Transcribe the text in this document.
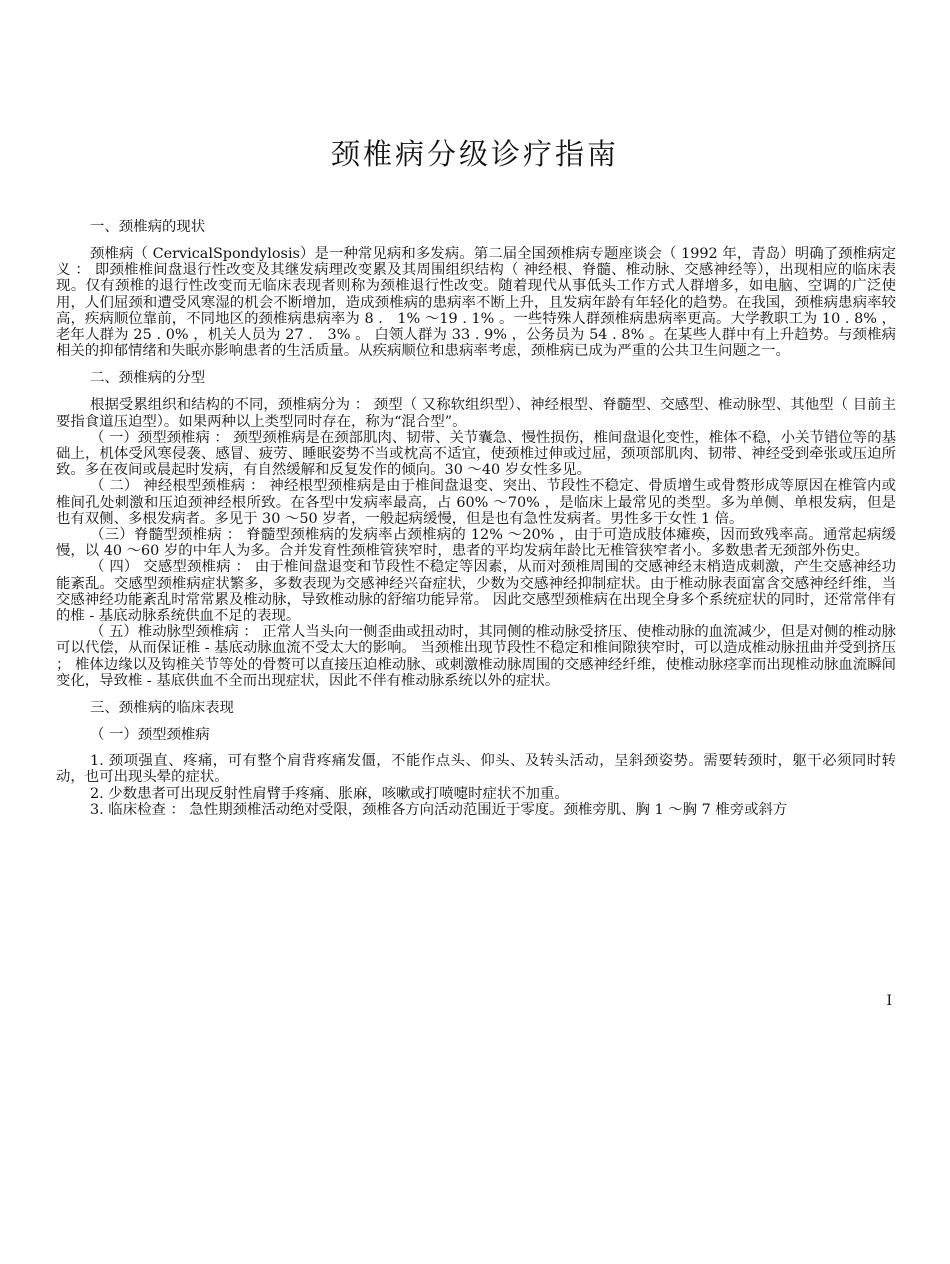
颈椎病分级诊疗指南
一、颈椎病的现状

颈椎病（ CervicalSpondylosis）是一种常见病和多发病。第二届全国颈椎病专题座谈会（ 1992 年，青岛）明确了颈椎病定义 ： 即颈椎椎间盘退行性改变及其继发病理改变累及其周围组织结构（ 神经根、脊髓、椎动脉、交感神经等），出现相应的临床表现。仅有颈椎的退行性改变而无临床表现者则称为颈椎退行性改变。随着现代从事低头工作方式人群增多，如电脑、空调的广泛使用，人们屈颈和遭受风寒湿的机会不断增加，造成颈椎病的患病率不断上升，且发病年龄有年轻化的趋势。在我国，颈椎病患病率较高，疾病顺位靠前，不同地区的颈椎病患病率为 8 ． 1% ～19 . 1% 。一些特殊人群颈椎病患病率更高。大学教职工为 10 . 8% ，老年人群为 25 . 0% ，机关人员为 27 ． 3% 。 白领人群为 33 . 9% ，公务员为 54 . 8% 。在某些人群中有上升趋势。与颈椎病相关的抑郁情绪和失眠亦影响患者的生活质量。从疾病顺位和患病率考虑，颈椎病已成为严重的公共卫生问题之一。

二、颈椎病的分型

根据受累组织和结构的不同，颈椎病分为 ： 颈型（ 又称软组织型）、神经根型、脊髓型、交感型、椎动脉型、其他型（ 目前主要指食道压迫型）。如果两种以上类型同时存在，称为“混合型”。

（ 一）颈型颈椎病 ： 颈型颈椎病是在颈部肌肉、韧带、关节囊急、慢性损伤，椎间盘退化变性，椎体不稳，小关节错位等的基础上，机体受风寒侵袭、感冒、疲劳、睡眠姿势不当或枕高不适宜，使颈椎过伸或过屈，颈项部肌肉、韧带、神经受到牵张或压迫所致。多在夜间或晨起时发病，有自然缓解和反复发作的倾向。30 ～40 岁女性多见。

（ 二） 神经根型颈椎病 ： 神经根型颈椎病是由于椎间盘退变、突出、节段性不稳定、骨质增生或骨赘形成等原因在椎管内或椎间孔处刺激和压迫颈神经根所致。在各型中发病率最高，占 60% ～70% ，是临床上最常见的类型。多为单侧、单根发病，但是也有双侧、多根发病者。多见于 30 ～50 岁者，一般起病缓慢，但是也有急性发病者。男性多于女性 1 倍。

（三）脊髓型颈椎病 ： 脊髓型颈椎病的发病率占颈椎病的 12% ～20% ，由于可造成肢体瘫痪，因而致残率高。通常起病缓慢，以 40 ～60 岁的中年人为多。合并发育性颈椎管狭窄时，患者的平均发病年龄比无椎管狭窄者小。多数患者无颈部外伤史。

（ 四） 交感型颈椎病 ： 由于椎间盘退变和节段性不稳定等因素，从而对颈椎周围的交感神经末梢造成刺激，产生交感神经功能紊乱。交感型颈椎病症状繁多，多数表现为交感神经兴奋症状，少数为交感神经抑制症状。由于椎动脉表面富含交感神经纤维，当交感神经功能紊乱时常常累及椎动脉，导致椎动脉的舒缩功能异常。 因此交感型颈椎病在出现全身多个系统症状的同时，还常常伴有的椎 - 基底动脉系统供血不足的表现。

（ 五）椎动脉型颈椎病 ： 正常人当头向一侧歪曲或扭动时，其同侧的椎动脉受挤压、使椎动脉的血流减少，但是对侧的椎动脉可以代偿，从而保证椎 - 基底动脉血流不受太大的影响。 当颈椎出现节段性不稳定和椎间隙狭窄时，可以造成椎动脉扭曲并受到挤压 ； 椎体边缘以及钩椎关节等处的骨赘可以直接压迫椎动脉、或刺激椎动脉周围的交感神经纤维，使椎动脉痉挛而出现椎动脉血流瞬间变化，导致椎 - 基底供血不全而出现症状，因此不伴有椎动脉系统以外的症状。

三、颈椎病的临床表现

（ 一）颈型颈椎病

1. 颈项强直、疼痛，可有整个肩背疼痛发僵，不能作点头、仰头、及转头活动，呈斜颈姿势。需要转颈时，躯干必须同时转动，也可出现头晕的症状。

2. 少数患者可出现反射性肩臂手疼痛、胀麻，咳嗽或打喷嚏时症状不加重。

3. 临床检查 ： 急性期颈椎活动绝对受限，颈椎各方向活动范围近于零度。颈椎旁肌、胸 1 ～胸 7 椎旁或斜方

I
